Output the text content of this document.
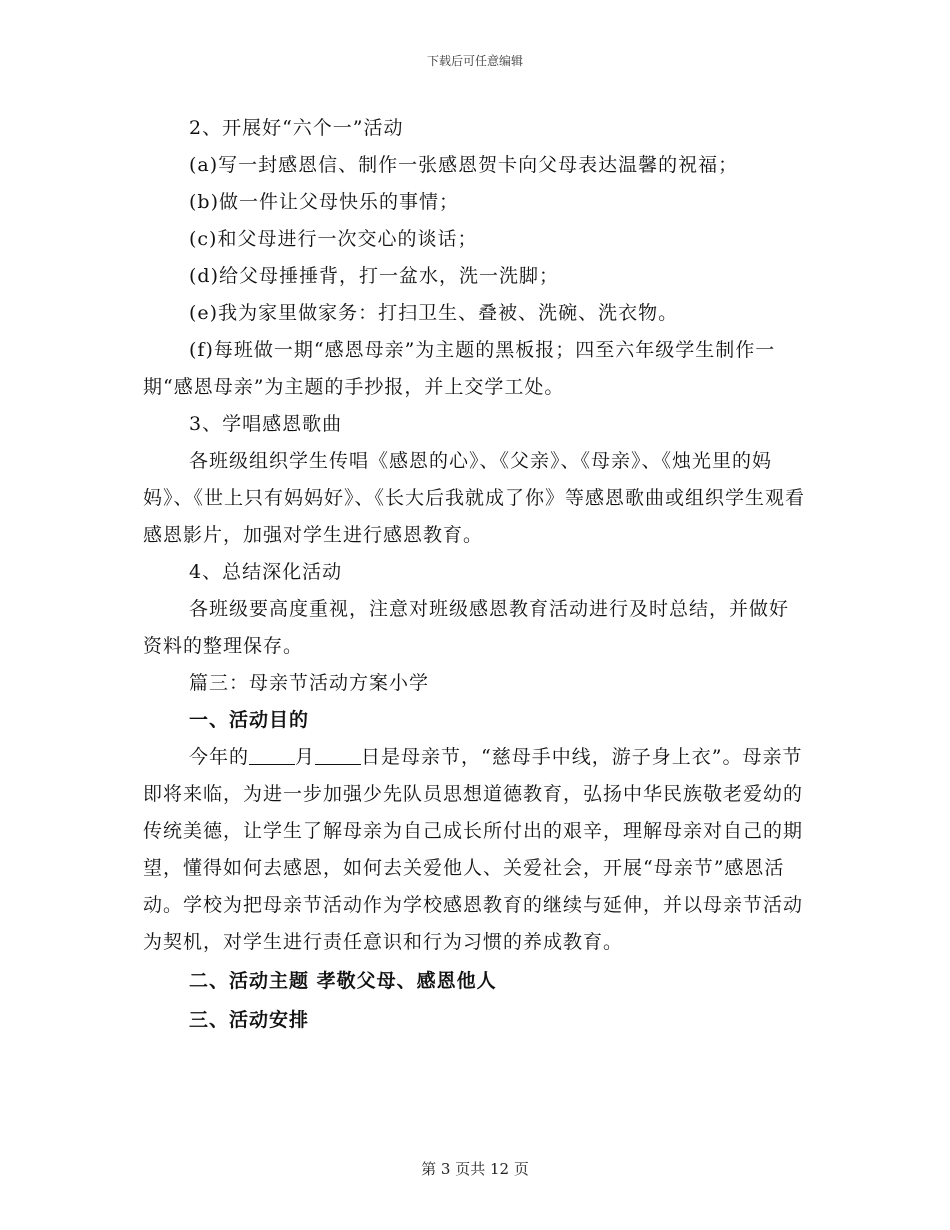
下载后可任意编辑

2、开展好“六个一”活动

(a)写一封感恩信、制作一张感恩贺卡向父母表达温馨的祝福；

(b)做一件让父母快乐的事情；

(c)和父母进行一次交心的谈话；

(d)给父母捶捶背，打一盆水，洗一洗脚；

(e)我为家里做家务：打扫卫生、叠被、洗碗、洗衣物。

(f)每班做一期“感恩母亲”为主题的黑板报；四至六年级学生制作一期“感恩母亲”为主题的手抄报，并上交学工处。

3、学唱感恩歌曲

各班级组织学生传唱《感恩的心》、《父亲》、《母亲》、《烛光里的妈妈》、《世上只有妈妈好》、《长大后我就成了你》等感恩歌曲或组织学生观看感恩影片，加强对学生进行感恩教育。

4、总结深化活动

各班级要高度重视，注意对班级感恩教育活动进行及时总结，并做好资料的整理保存。

篇三：母亲节活动方案小学

一、活动目的

今年的 月 日是母亲节，“慈母手中线，游子身上衣”。母亲节即将来临，为进一步加强少先队员思想道德教育，弘扬中华民族敬老爱幼的传统美德，让学生了解母亲为自己成长所付出的艰辛，理解母亲对自己的期望，懂得如何去感恩，如何去关爱他人、关爱社会，开展“母亲节”感恩活动。学校为把母亲节活动作为学校感恩教育的继续与延伸，并以母亲节活动为契机，对学生进行责任意识和行为习惯的养成教育。

二、活动主题 孝敬父母、感恩他人

三、活动安排

第 3 页共 12 页
